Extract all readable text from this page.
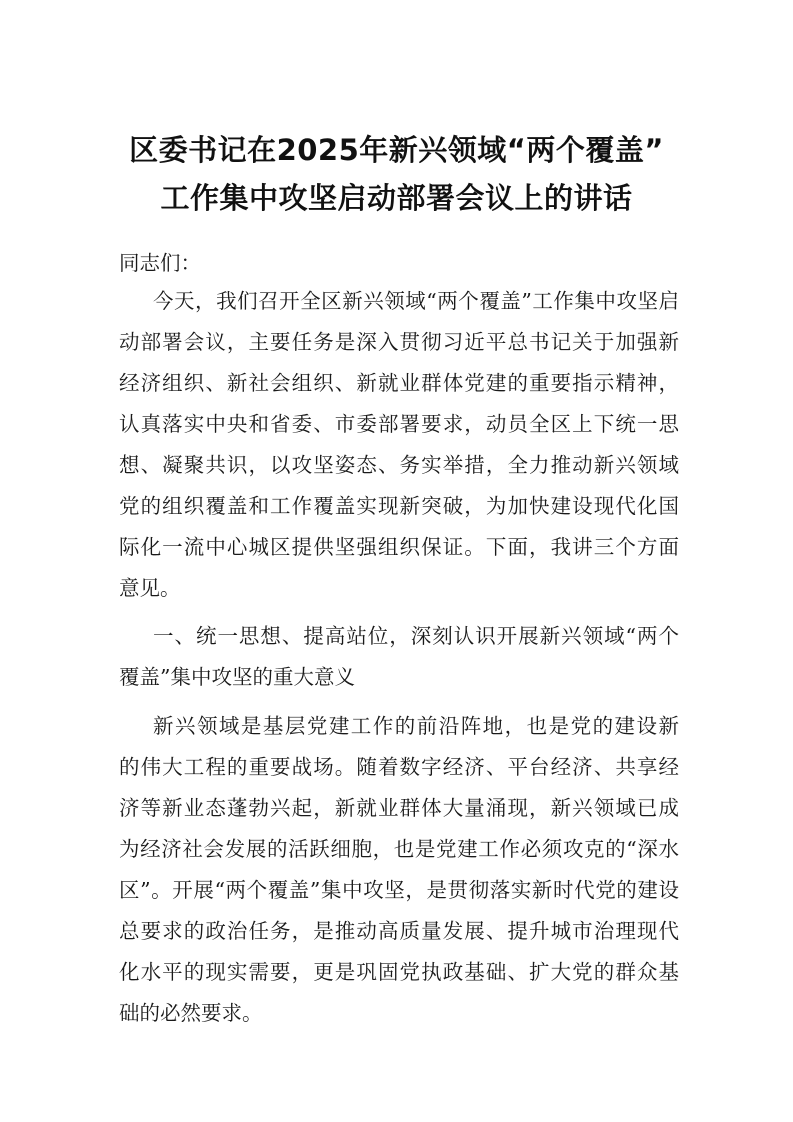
区委书记在2025年新兴领域“两个覆盖”
工作集中攻坚启动部署会议上的讲话
同志们：
今天，我们召开全区新兴领域“两个覆盖”工作集中攻坚启
动部署会议，主要任务是深入贯彻习近平总书记关于加强新
经济组织、新社会组织、新就业群体党建的重要指示精神，
认真落实中央和省委、市委部署要求，动员全区上下统一思
想、凝聚共识，以攻坚姿态、务实举措，全力推动新兴领域
党的组织覆盖和工作覆盖实现新突破，为加快建设现代化国
际化一流中心城区提供坚强组织保证。下面，我讲三个方面
意见。
一、统一思想、提高站位，深刻认识开展新兴领域“两个
覆盖”集中攻坚的重大意义
新兴领域是基层党建工作的前沿阵地，也是党的建设新
的伟大工程的重要战场。随着数字经济、平台经济、共享经
济等新业态蓬勃兴起，新就业群体大量涌现，新兴领域已成
为经济社会发展的活跃细胞，也是党建工作必须攻克的“深水
区”。开展“两个覆盖”集中攻坚，是贯彻落实新时代党的建设
总要求的政治任务，是推动高质量发展、提升城市治理现代
化水平的现实需要，更是巩固党执政基础、扩大党的群众基
础的必然要求。
